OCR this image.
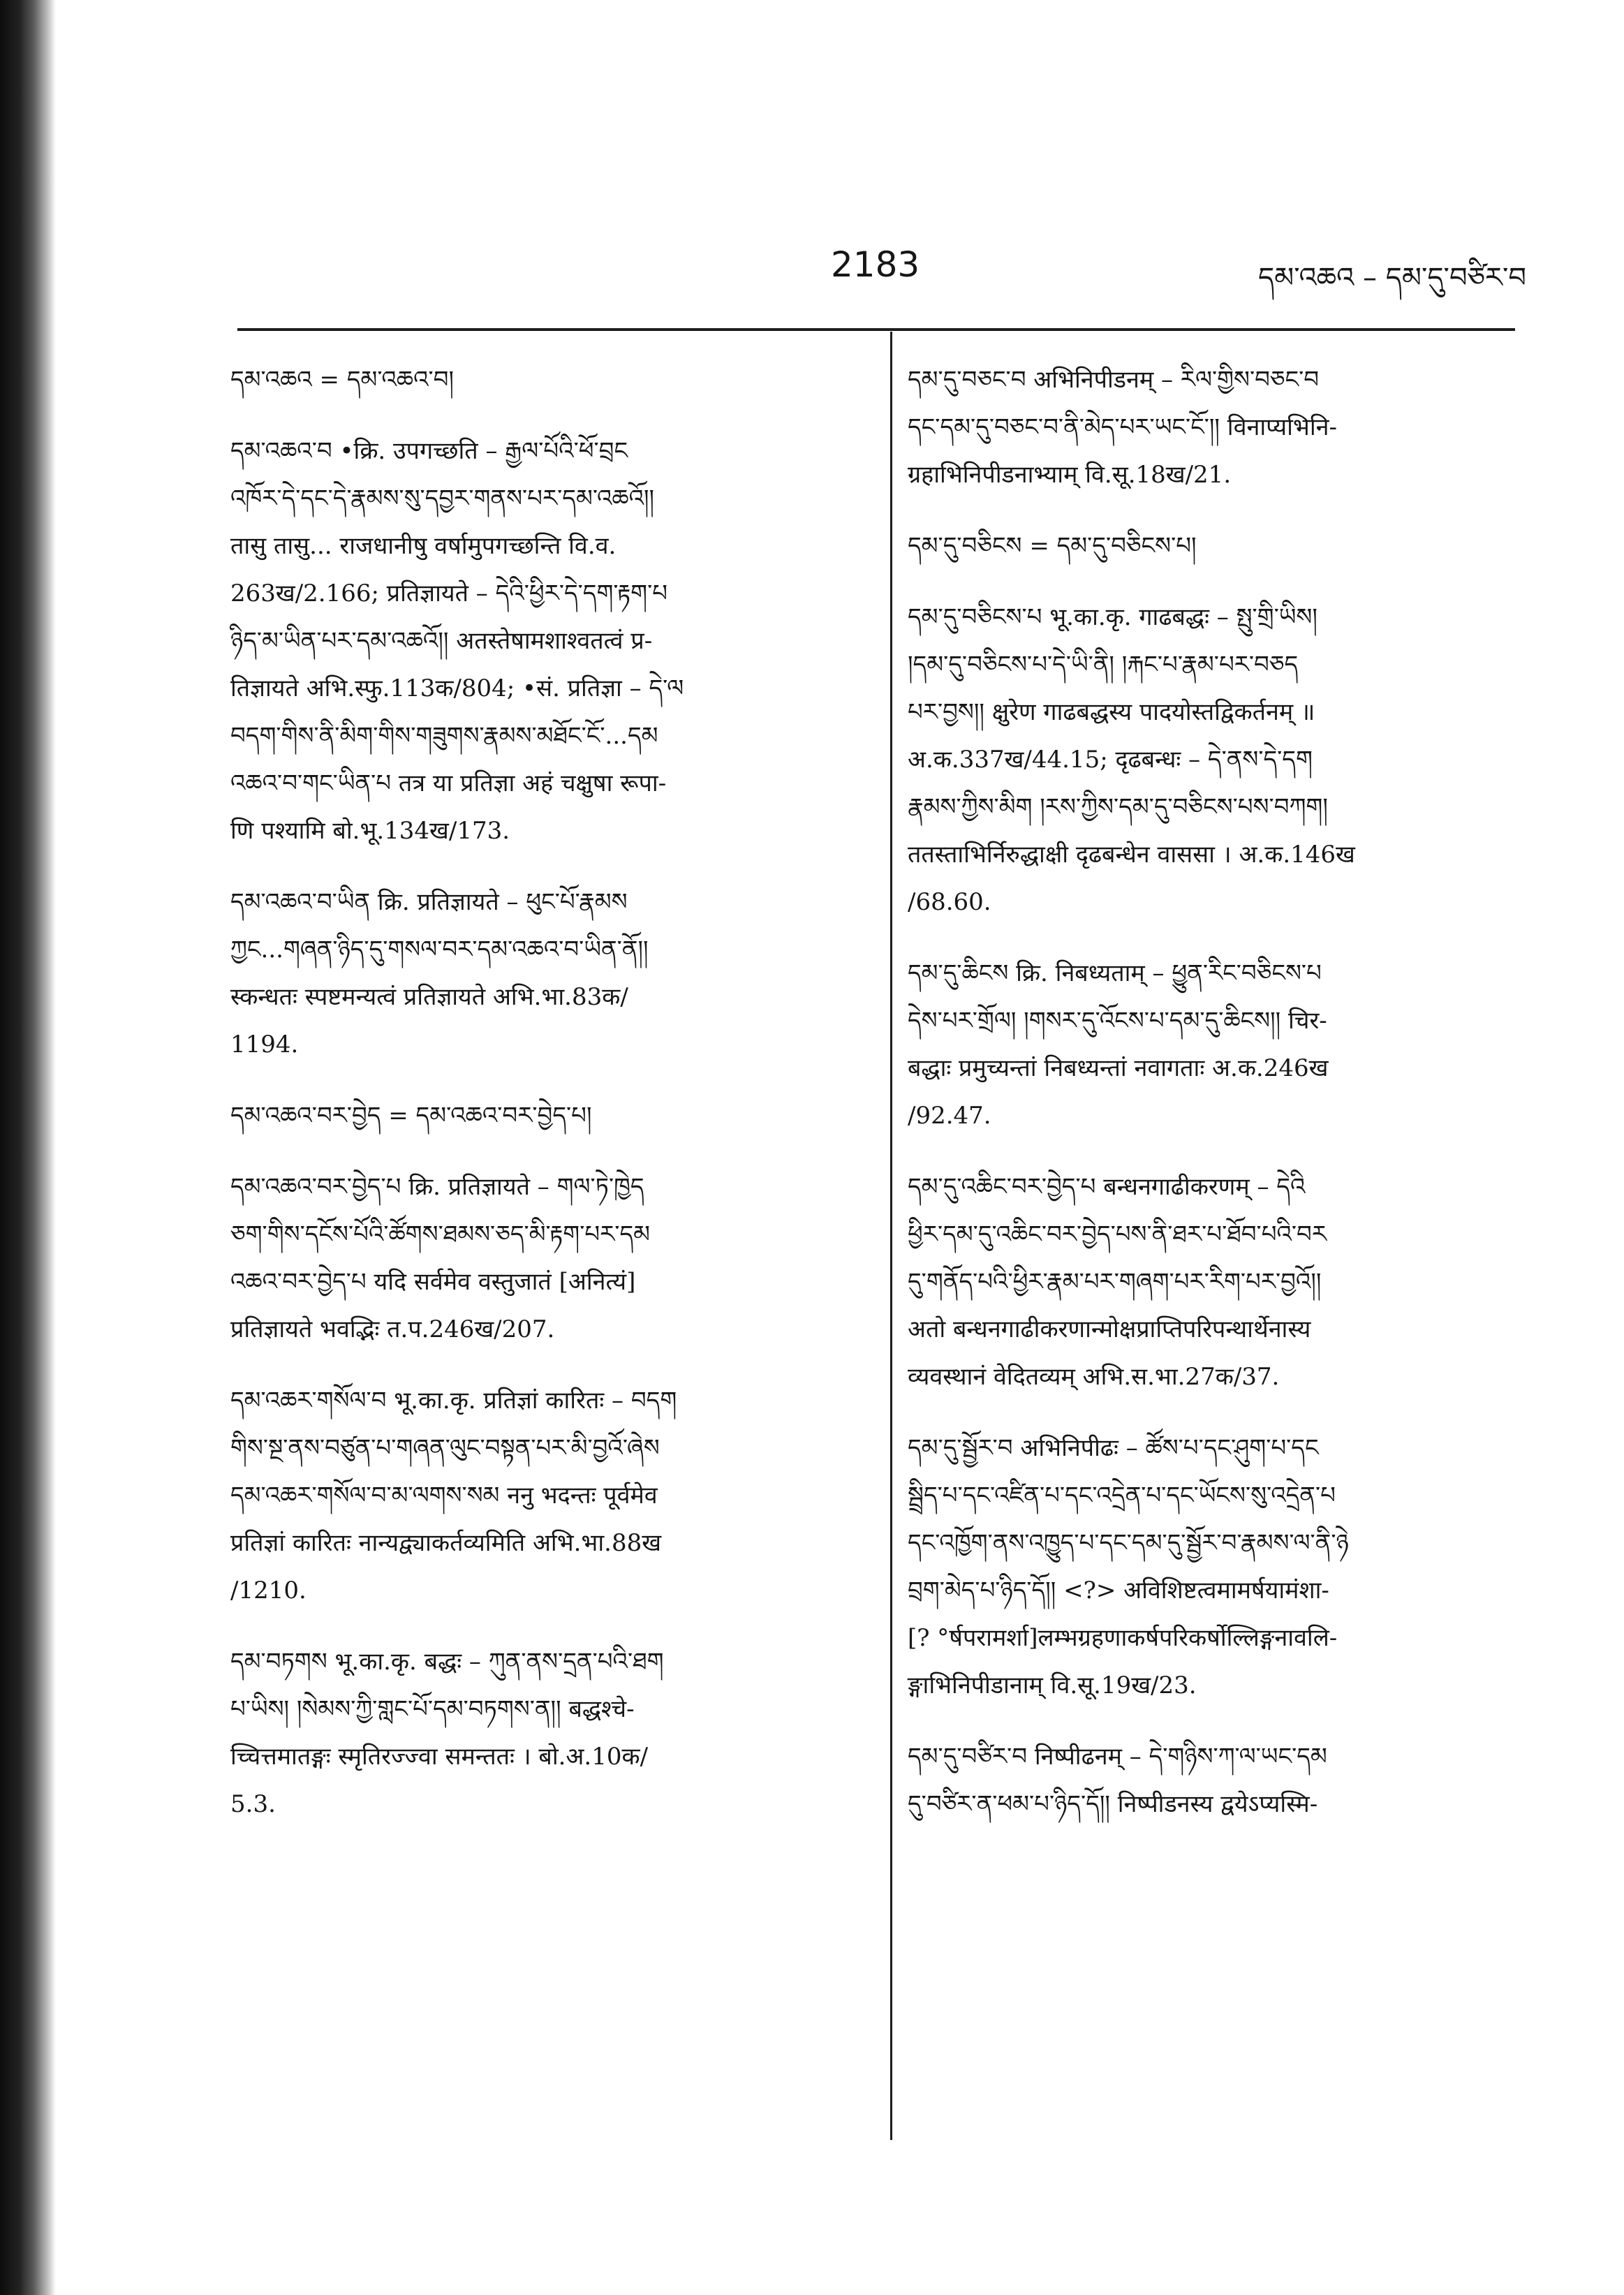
2183	དམ་འཆའ – དམ་དུ་བཙིར་བ
དམ་འཆའ = དམ་འཆའ་བ།
དམ་འཆའ་བ •क्रि. उपगच्छति – རྒྱལ་པོའི་ཕོ་བྲང
འཁོར་དེ་དང་དེ་རྣམས་སུ་དབྱར་གནས་པར་དམ་འཆའོ།།
तासु तासु... राजधानीषु वर्षामुपगच्छन्ति वि.व.
263ख/2.166; प्रतिज्ञायते – དེའི་ཕྱིར་དེ་དག་རྟག་པ
ཉིད་མ་ཡིན་པར་དམ་འཆའོ།། अतस्तेषामशाश्वतत्वं प्र-
तिज्ञायते अभि.स्फु.113क/804; •सं. प्रतिज्ञा – དེ་ལ
བདག་གིས་ནི་མིག་གིས་གཟུགས་རྣམས་མཐོང་ངོ་...དམ
འཆའ་བ་གང་ཡིན་པ तत्र या प्रतिज्ञा अहं चक्षुषा रूपा-
णि पश्यामि बो.भू.134ख/173.
དམ་འཆའ་བ་ཡིན क्रि. प्रतिज्ञायते – ཕུང་པོ་རྣམས
ཀྱང...གཞན་ཉིད་དུ་གསལ་བར་དམ་འཆའ་བ་ཡིན་ནོ།།
स्कन्धतः स्पष्टमन्यत्वं प्रतिज्ञायते अभि.भा.83क/
1194.
དམ་འཆའ་བར་བྱེད = དམ་འཆའ་བར་བྱེད་པ།
དམ་འཆའ་བར་བྱེད་པ क्रि. प्रतिज्ञायते – གལ་ཏེ་ཁྱེད
ཅག་གིས་དངོས་པོའི་ཚོགས་ཐམས་ཅད་མི་རྟག་པར་དམ
འཆའ་བར་བྱེད་པ यदि सर्वमेव वस्तुजातं [अनित्यं]
प्रतिज्ञायते भवद्भिः त.प.246ख/207.
དམ་འཆར་གསོལ་བ भू.का.कृ. प्रतिज्ञां कारितः – བདག
གིས་སྔ་ནས་བཙུན་པ་གཞན་ལུང་བསྟན་པར་མི་བྱའོ་ཞེས
དམ་འཆར་གསོལ་བ་མ་ལགས་སམ ननु भदन्तः पूर्वमेव
प्रतिज्ञां कारितः नान्यद्व्याकर्तव्यमिति अभि.भा.88ख
/1210.
དམ་བཏགས भू.का.कृ. बद्धः – ཀུན་ནས་དྲན་པའི་ཐག
པ་ཡིས། །སེམས་ཀྱི་གླང་པོ་དམ་བཏགས་ན།། बद्धश्चे-
च्चित्तमातङ्गः स्मृतिरज्ज्वा समन्ततः । बो.अ.10क/
5.3.
དམ་དུ་བཅང་བ अभिनिपीडनम् – རིལ་གྱིས་བཅང་བ
དང་དམ་དུ་བཅང་བ་ནི་མེད་པར་ཡང་ངོ་།། विनाप्यभिनि-
ग्रहाभिनिपीडनाभ्याम् वि.सू.18ख/21.
དམ་དུ་བཅིངས = དམ་དུ་བཅིངས་པ།
དམ་དུ་བཅིངས་པ भू.का.कृ. गाढबद्धः – སྤུ་གྲི་ཡིས།
།དམ་དུ་བཅིངས་པ་དེ་ཡི་ནི། །རྐང་པ་རྣམ་པར་བཅད
པར་བྱས།། क्षुरेण गाढबद्धस्य पादयोस्तद्विकर्तनम् ॥
अ.क.337ख/44.15; दृढबन्धः – དེ་ནས་དེ་དག
རྣམས་ཀྱིས་མིག །རས་ཀྱིས་དམ་དུ་བཅིངས་པས་བཀག།
ततस्ताभिर्निरुद्धाक्षी दृढबन्धेन वाससा । अ.क.146ख
/68.60.
དམ་དུ་ཆིངས क्रि. निबध्यताम् – ཕྱུན་རིང་བཅིངས་པ
དེས་པར་གྲོལ། །གསར་དུ་འོངས་པ་དམ་དུ་ཆིངས།། चिर-
बद्धाः प्रमुच्यन्तां निबध्यन्तां नवागताः अ.क.246ख
/92.47.
དམ་དུ་འཆིང་བར་བྱེད་པ बन्धनगाढीकरणम् – དེའི
ཕྱིར་དམ་དུ་འཆིང་བར་བྱེད་པས་ནི་ཐར་པ་ཐོབ་པའི་བར
དུ་གནོད་པའི་ཕྱིར་རྣམ་པར་གཞག་པར་རིག་པར་བྱའོ།།
अतो बन्धनगाढीकरणान्मोक्षप्राप्तिपरिपन्थार्थेनास्य
व्यवस्थानं वेदितव्यम् अभि.स.भा.27क/37.
དམ་དུ་སྦྱོར་བ अभिनिपीढः – ཚོས་པ་དང་ཤུག་པ་དང
སྦྲིད་པ་དང་འཛིན་པ་དང་འདྲེན་པ་དང་ཡོངས་སུ་འདྲེན་པ
དང་འཁྱོག་ནས་འཁྱུད་པ་དང་དམ་དུ་སྦྱོར་བ་རྣམས་ལ་ནི་ཉེ
བྲག་མེད་པ་ཉིད་དོ།། <?> अविशिष्टत्वमामर्षयामंशा-
[? °र्षपरामर्शा]लम्भग्रहणाकर्षपरिकर्षोल्लिङ्गनावलि-
ङ्गाभिनिपीडानाम् वि.सू.19ख/23.
དམ་དུ་བཙིར་བ निष्पीढनम् – དེ་གཉིས་ཀ་ལ་ཡང་དམ
དུ་བཙིར་ན་ཕམ་པ་ཉིད་དོ།། निष्पीडनस्य द्वयेऽप्यस्मि-
